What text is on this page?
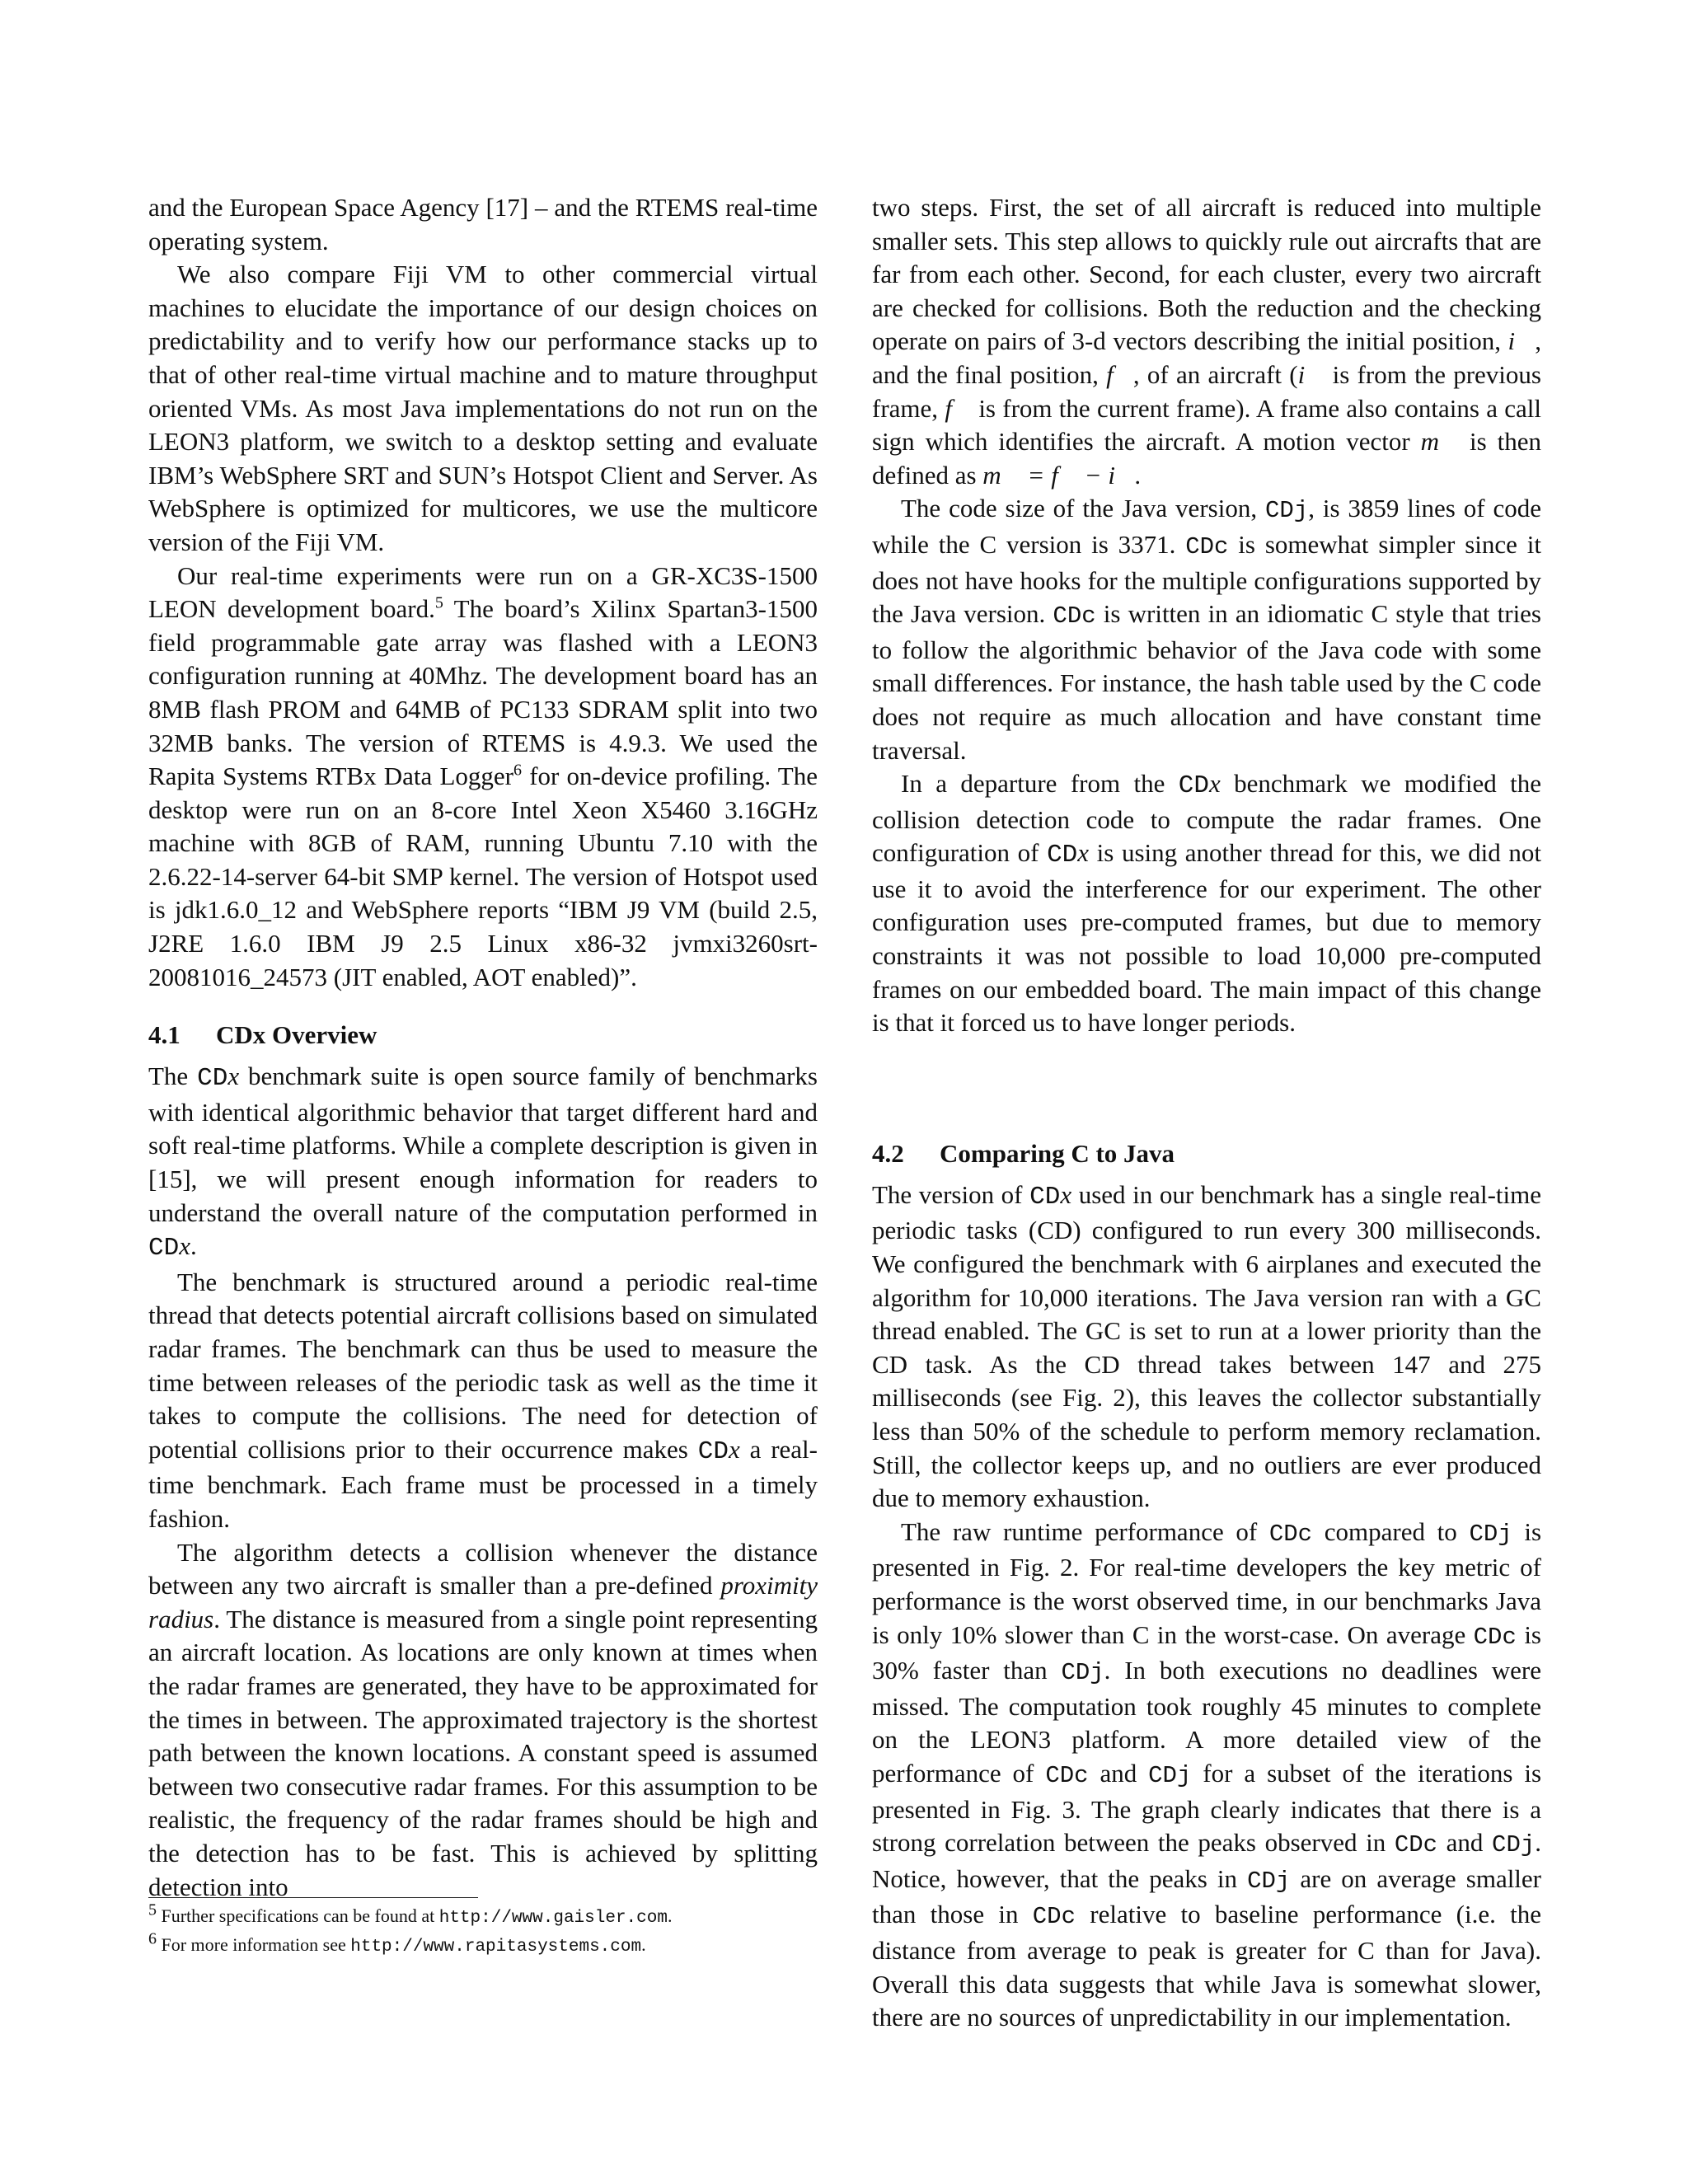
and the European Space Agency [17] – and the RTEMS real-time operating system.

We also compare Fiji VM to other commercial virtual machines to elucidate the importance of our design choices on predictability and to verify how our performance stacks up to that of other real-time virtual machine and to mature throughput oriented VMs. As most Java implementations do not run on the LEON3 platform, we switch to a desktop setting and evaluate IBM’s WebSphere SRT and SUN’s Hotspot Client and Server. As WebSphere is optimized for multicores, we use the multicore version of the Fiji VM.

Our real-time experiments were run on a GR-XC3S-1500 LEON development board.$^5$ The board’s Xilinx Spartan3-1500 field programmable gate array was flashed with a LEON3 configuration running at 40Mhz. The development board has an 8MB flash PROM and 64MB of PC133 SDRAM split into two 32MB banks. The version of RTEMS is 4.9.3. We used the Rapita Systems RTBx Data Logger$^6$ for on-device profiling. The desktop were run on an 8-core Intel Xeon X5460 3.16GHz machine with 8GB of RAM, running Ubuntu 7.10 with the 2.6.22-14-server 64-bit SMP kernel. The version of Hotspot used is jdk1.6.0_12 and WebSphere reports “IBM J9 VM (build 2.5, J2RE 1.6.0 IBM J9 2.5 Linux x86-32 jvmxi3260srt-20081016_24573 (JIT enabled, AOT enabled)”.

4.1 CDx Overview

The CDx benchmark suite is open source family of benchmarks with identical algorithmic behavior that target different hard and soft real-time platforms. While a complete description is given in [15], we will present enough information for readers to understand the overall nature of the computation performed in CDx.

The benchmark is structured around a periodic real-time thread that detects potential aircraft collisions based on simulated radar frames. The benchmark can thus be used to measure the time between releases of the periodic task as well as the time it takes to compute the collisions. The need for detection of potential collisions prior to their occurrence makes CDx a real-time benchmark. Each frame must be processed in a timely fashion.

The algorithm detects a collision whenever the distance between any two aircraft is smaller than a pre-defined proximity radius. The distance is measured from a single point representing an aircraft location. As locations are only known at times when the radar frames are generated, they have to be approximated for the times in between. The approximated trajectory is the shortest path between the known locations. A constant speed is assumed between two consecutive radar frames. For this assumption to be realistic, the frequency of the radar frames should be high and the detection has to be fast. This is achieved by splitting detection into

$^5$ Further specifications can be found at http://www.gaisler.com.
$^6$ For more information see http://www.rapitasystems.com.

two steps. First, the set of all aircraft is reduced into multiple smaller sets. This step allows to quickly rule out aircrafts that are far from each other. Second, for each cluster, every two aircraft are checked for collisions. Both the reduction and the checking operate on pairs of 3-d vectors describing the initial position, i⃗, and the final position, f⃗, of an aircraft (i⃗ is from the previous frame, f⃗ is from the current frame). A frame also contains a call sign which identifies the aircraft. A motion vector m⃗ is then defined as m⃗ = f⃗ − i⃗.

The code size of the Java version, CDj, is 3859 lines of code while the C version is 3371. CDc is somewhat simpler since it does not have hooks for the multiple configurations supported by the Java version. CDc is written in an idiomatic C style that tries to follow the algorithmic behavior of the Java code with some small differences. For instance, the hash table used by the C code does not require as much allocation and have constant time traversal.

In a departure from the CDx benchmark we modified the collision detection code to compute the radar frames. One configuration of CDx is using another thread for this, we did not use it to avoid the interference for our experiment. The other configuration uses pre-computed frames, but due to memory constraints it was not possible to load 10,000 pre-computed frames on our embedded board. The main impact of this change is that it forced us to have longer periods.

4.2 Comparing C to Java

The version of CDx used in our benchmark has a single real-time periodic tasks (CD) configured to run every 300 milliseconds. We configured the benchmark with 6 airplanes and executed the algorithm for 10,000 iterations. The Java version ran with a GC thread enabled. The GC is set to run at a lower priority than the CD task. As the CD thread takes between 147 and 275 milliseconds (see Fig. 2), this leaves the collector substantially less than 50% of the schedule to perform memory reclamation. Still, the collector keeps up, and no outliers are ever produced due to memory exhaustion.

The raw runtime performance of CDc compared to CDj is presented in Fig. 2. For real-time developers the key metric of performance is the worst observed time, in our benchmarks Java is only 10% slower than C in the worst-case. On average CDc is 30% faster than CDj. In both executions no deadlines were missed. The computation took roughly 45 minutes to complete on the LEON3 platform. A more detailed view of the performance of CDc and CDj for a subset of the iterations is presented in Fig. 3. The graph clearly indicates that there is a strong correlation between the peaks observed in CDc and CDj. Notice, however, that the peaks in CDj are on average smaller than those in CDc relative to baseline performance (i.e. the distance from average to peak is greater for C than for Java). Overall this data suggests that while Java is somewhat slower, there are no sources of unpredictability in our implementation.
